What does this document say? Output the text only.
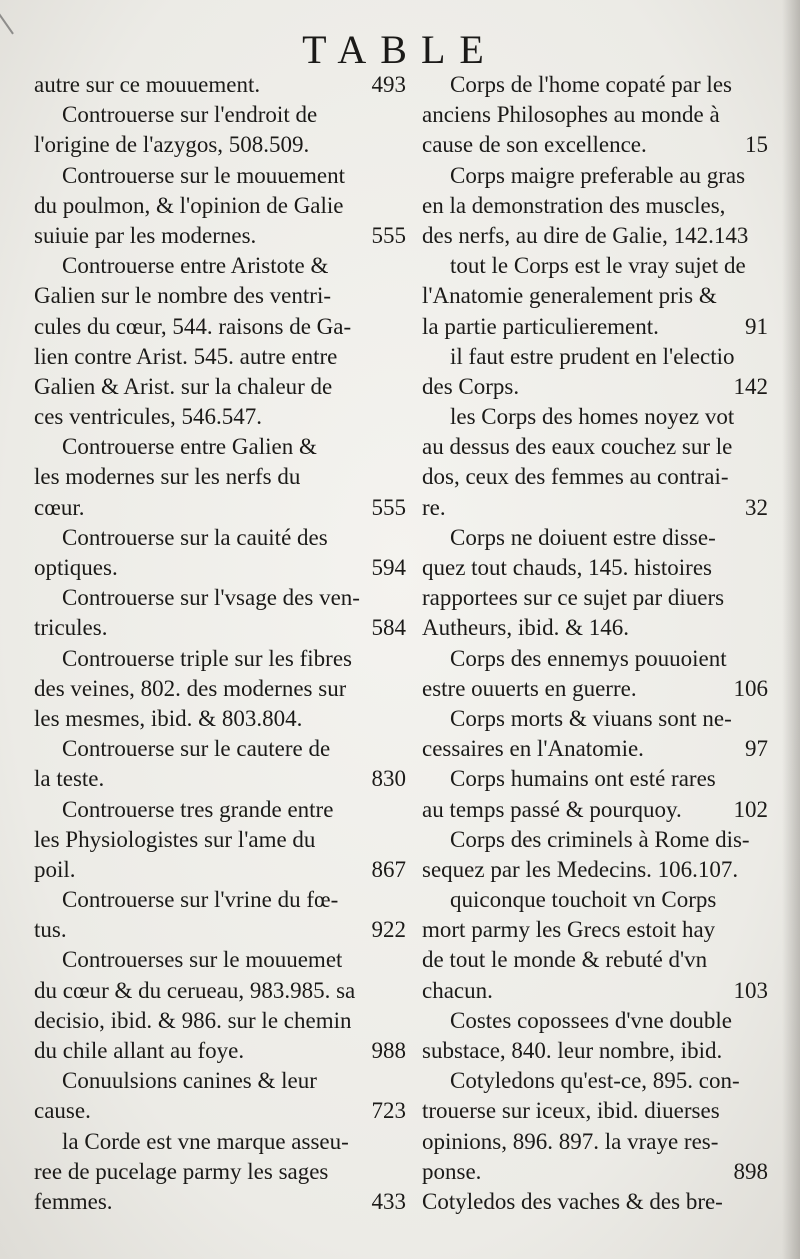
TABLE
autre sur ce mouuement.	493
Controuerse sur l'endroit de
l'origine de l'azygos, 508.509.
Controuerse sur le mouuement
du poulmon, & l'opinion de Galie
suiuie par les modernes.	555
Controuerse entre Aristote &
Galien sur le nombre des ventri-
cules du cœur, 544. raisons de Ga-
lien contre Arist. 545. autre entre
Galien & Arist. sur la chaleur de
ces ventricules, 546.547.
Controuerse entre Galien &
les modernes sur les nerfs du
cœur.	555
Controuerse sur la cauité des
optiques.	594
Controuerse sur l'vsage des ven-
tricules.	584
Controuerse triple sur les fibres
des veines, 802. des modernes sur
les mesmes, ibid. & 803.804.
Controuerse sur le cautere de
la teste.	830
Controuerse tres grande entre
les Physiologistes sur l'ame du
poil.	867
Controuerse sur l'vrine du fœ-
tus.	922
Controuerses sur le mouuemet
du cœur & du cerueau, 983.985. sa
decisio, ibid. & 986. sur le chemin
du chile allant au foye.	988
Conuulsions canines & leur
cause.	723
la Corde est vne marque asseu-
ree de pucelage parmy les sages
femmes.	433
Corps de l'home copaté par les
anciens Philosophes au monde à
cause de son excellence.	15
Corps maigre preferable au gras
en la demonstration des muscles,
des nerfs, au dire de Galie, 142.143
tout le Corps est le vray sujet de
l'Anatomie generalement pris &
la partie particulierement.	91
il faut estre prudent en l'electio
des Corps.	142
les Corps des homes noyez vot
au dessus des eaux couchez sur le
dos, ceux des femmes au contrai-
re.	32
Corps ne doiuent estre disse-
quez tout chauds, 145. histoires
rapportees sur ce sujet par diuers
Autheurs, ibid. & 146.
Corps des ennemys pouuoient
estre ouuerts en guerre.	106
Corps morts & viuans sont ne-
cessaires en l'Anatomie.	97
Corps humains ont esté rares
au temps passé & pourquoy. 102
Corps des criminels à Rome dis-
sequez par les Medecins. 106.107.
quiconque touchoit vn Corps
mort parmy les Grecs estoit hay
de tout le monde & rebuté d'vn
chacun.	103
Costes copossees d'vne double
substace, 840. leur nombre, ibid.
Cotyledons qu'est-ce, 895. con-
trouerse sur iceux, ibid. diuerses
opinions, 896. 897. la vraye res-
ponse.	898
Cotyledos des vaches & des bre-
